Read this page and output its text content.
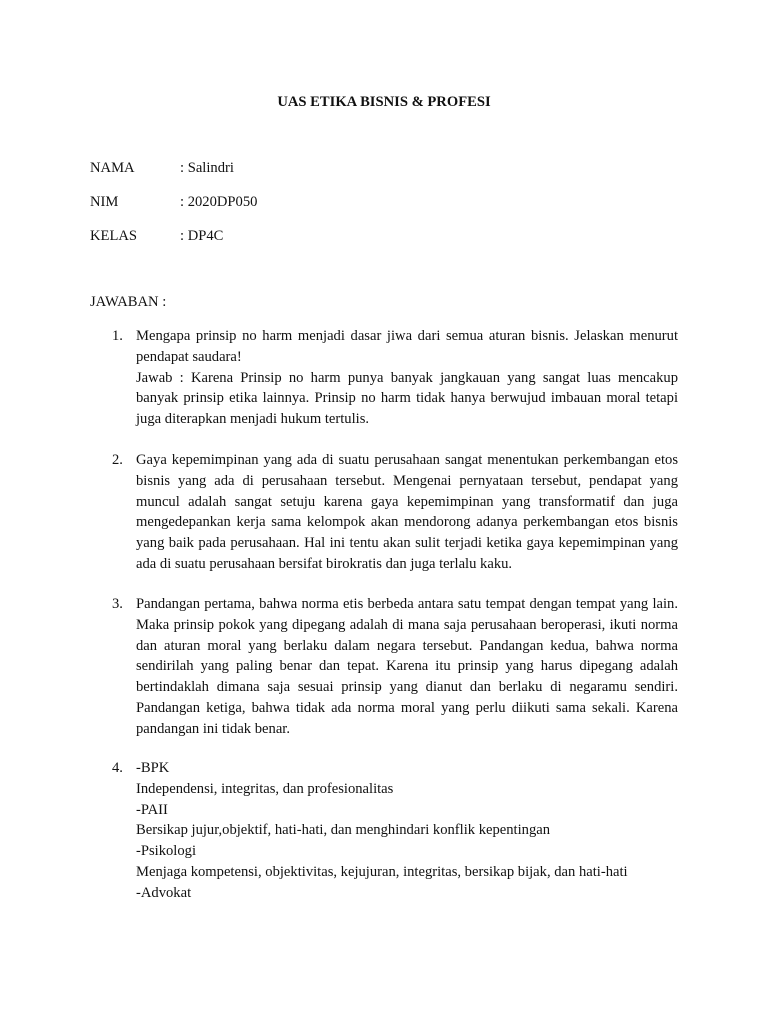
UAS ETIKA BISNIS & PROFESI
NAMA	: Salindri
NIM	: 2020DP050
KELAS	: DP4C
JAWABAN :
1. Mengapa prinsip no harm menjadi dasar jiwa dari semua aturan bisnis. Jelaskan menurut pendapat saudara!

Jawab : Karena Prinsip no harm punya banyak jangkauan yang sangat luas mencakup banyak prinsip etika lainnya. Prinsip no harm tidak hanya berwujud imbauan moral tetapi juga diterapkan menjadi hukum tertulis.

2. Gaya kepemimpinan yang ada di suatu perusahaan sangat menentukan perkembangan etos bisnis yang ada di perusahaan tersebut. Mengenai pernyataan tersebut, pendapat yang muncul adalah sangat setuju karena gaya kepemimpinan yang transformatif dan juga mengedepankan kerja sama kelompok akan mendorong adanya perkembangan etos bisnis yang baik pada perusahaan. Hal ini tentu akan sulit terjadi ketika gaya kepemimpinan yang ada di suatu perusahaan bersifat birokratis dan juga terlalu kaku.

3. Pandangan pertama, bahwa norma etis berbeda antara satu tempat dengan tempat yang lain. Maka prinsip pokok yang dipegang adalah di mana saja perusahaan beroperasi, ikuti norma dan aturan moral yang berlaku dalam negara tersebut. Pandangan kedua, bahwa norma sendirilah yang paling benar dan tepat. Karena itu prinsip yang harus dipegang adalah bertindaklah dimana saja sesuai prinsip yang dianut dan berlaku di negaramu sendiri. Pandangan ketiga, bahwa tidak ada norma moral yang perlu diikuti sama sekali. Karena pandangan ini tidak benar.

4. -BPK
Independensi, integritas, dan profesionalitas
-PAII
Bersikap jujur,objektif, hati-hati, dan menghindari konflik kepentingan
-Psikologi
Menjaga kompetensi, objektivitas, kejujuran, integritas, bersikap bijak, dan hati-hati
-Advokat
